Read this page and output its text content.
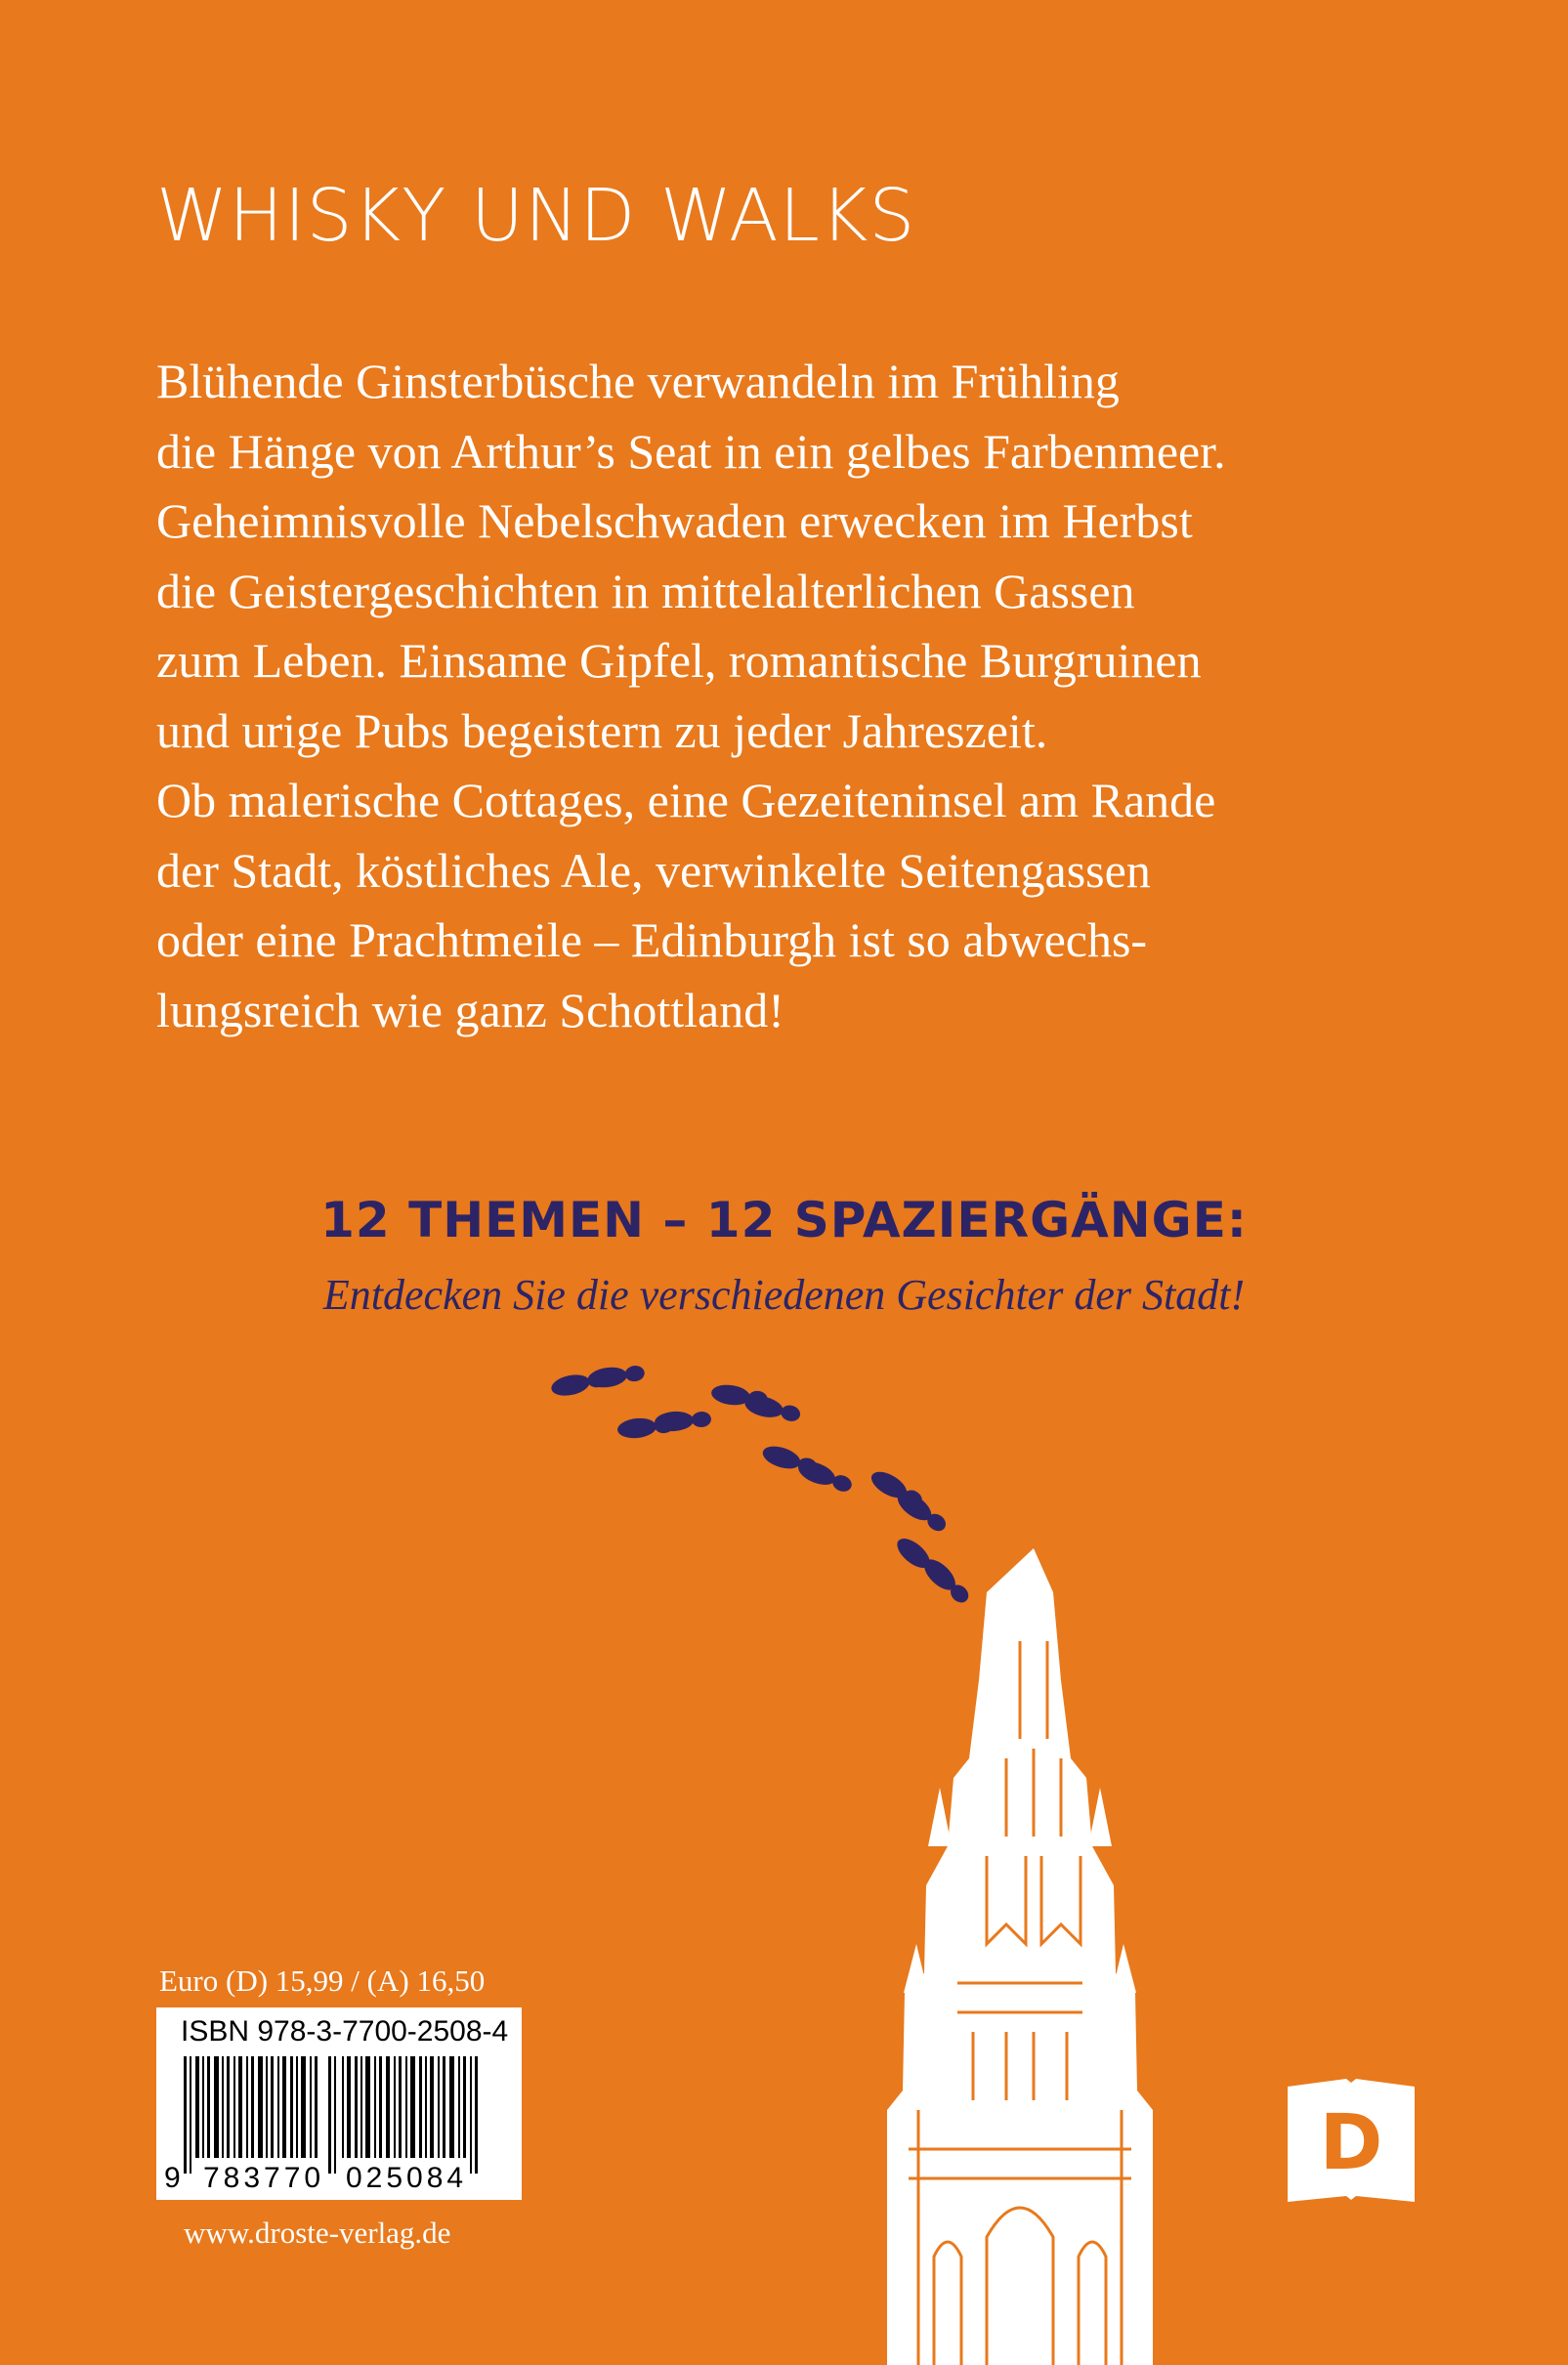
WHISKY UND WALKS
Blühende Ginsterbüsche verwandeln im Frühling
die Hänge von Arthur’s Seat in ein gelbes Farbenmeer.
Geheimnisvolle Nebelschwaden erwecken im Herbst
die Geistergeschichten in mittelalterlichen Gassen
zum Leben. Einsame Gipfel, romantische Burgruinen
und urige Pubs begeistern zu jeder Jahreszeit.
Ob malerische Cottages, eine Gezeiteninsel am Rande
der Stadt, köstliches Ale, verwinkelte Seitengassen
oder eine Prachtmeile – Edinburgh ist so abwechs-
lungsreich wie ganz Schottland!
12 THEMEN – 12 SPAZIERGÄNGE:
Entdecken Sie die verschiedenen Gesichter der Stadt!
Euro (D) 15,99 / (A) 16,50
ISBN 978-3-7700-2508-4
9 783770 025084
www.droste-verlag.de
D
